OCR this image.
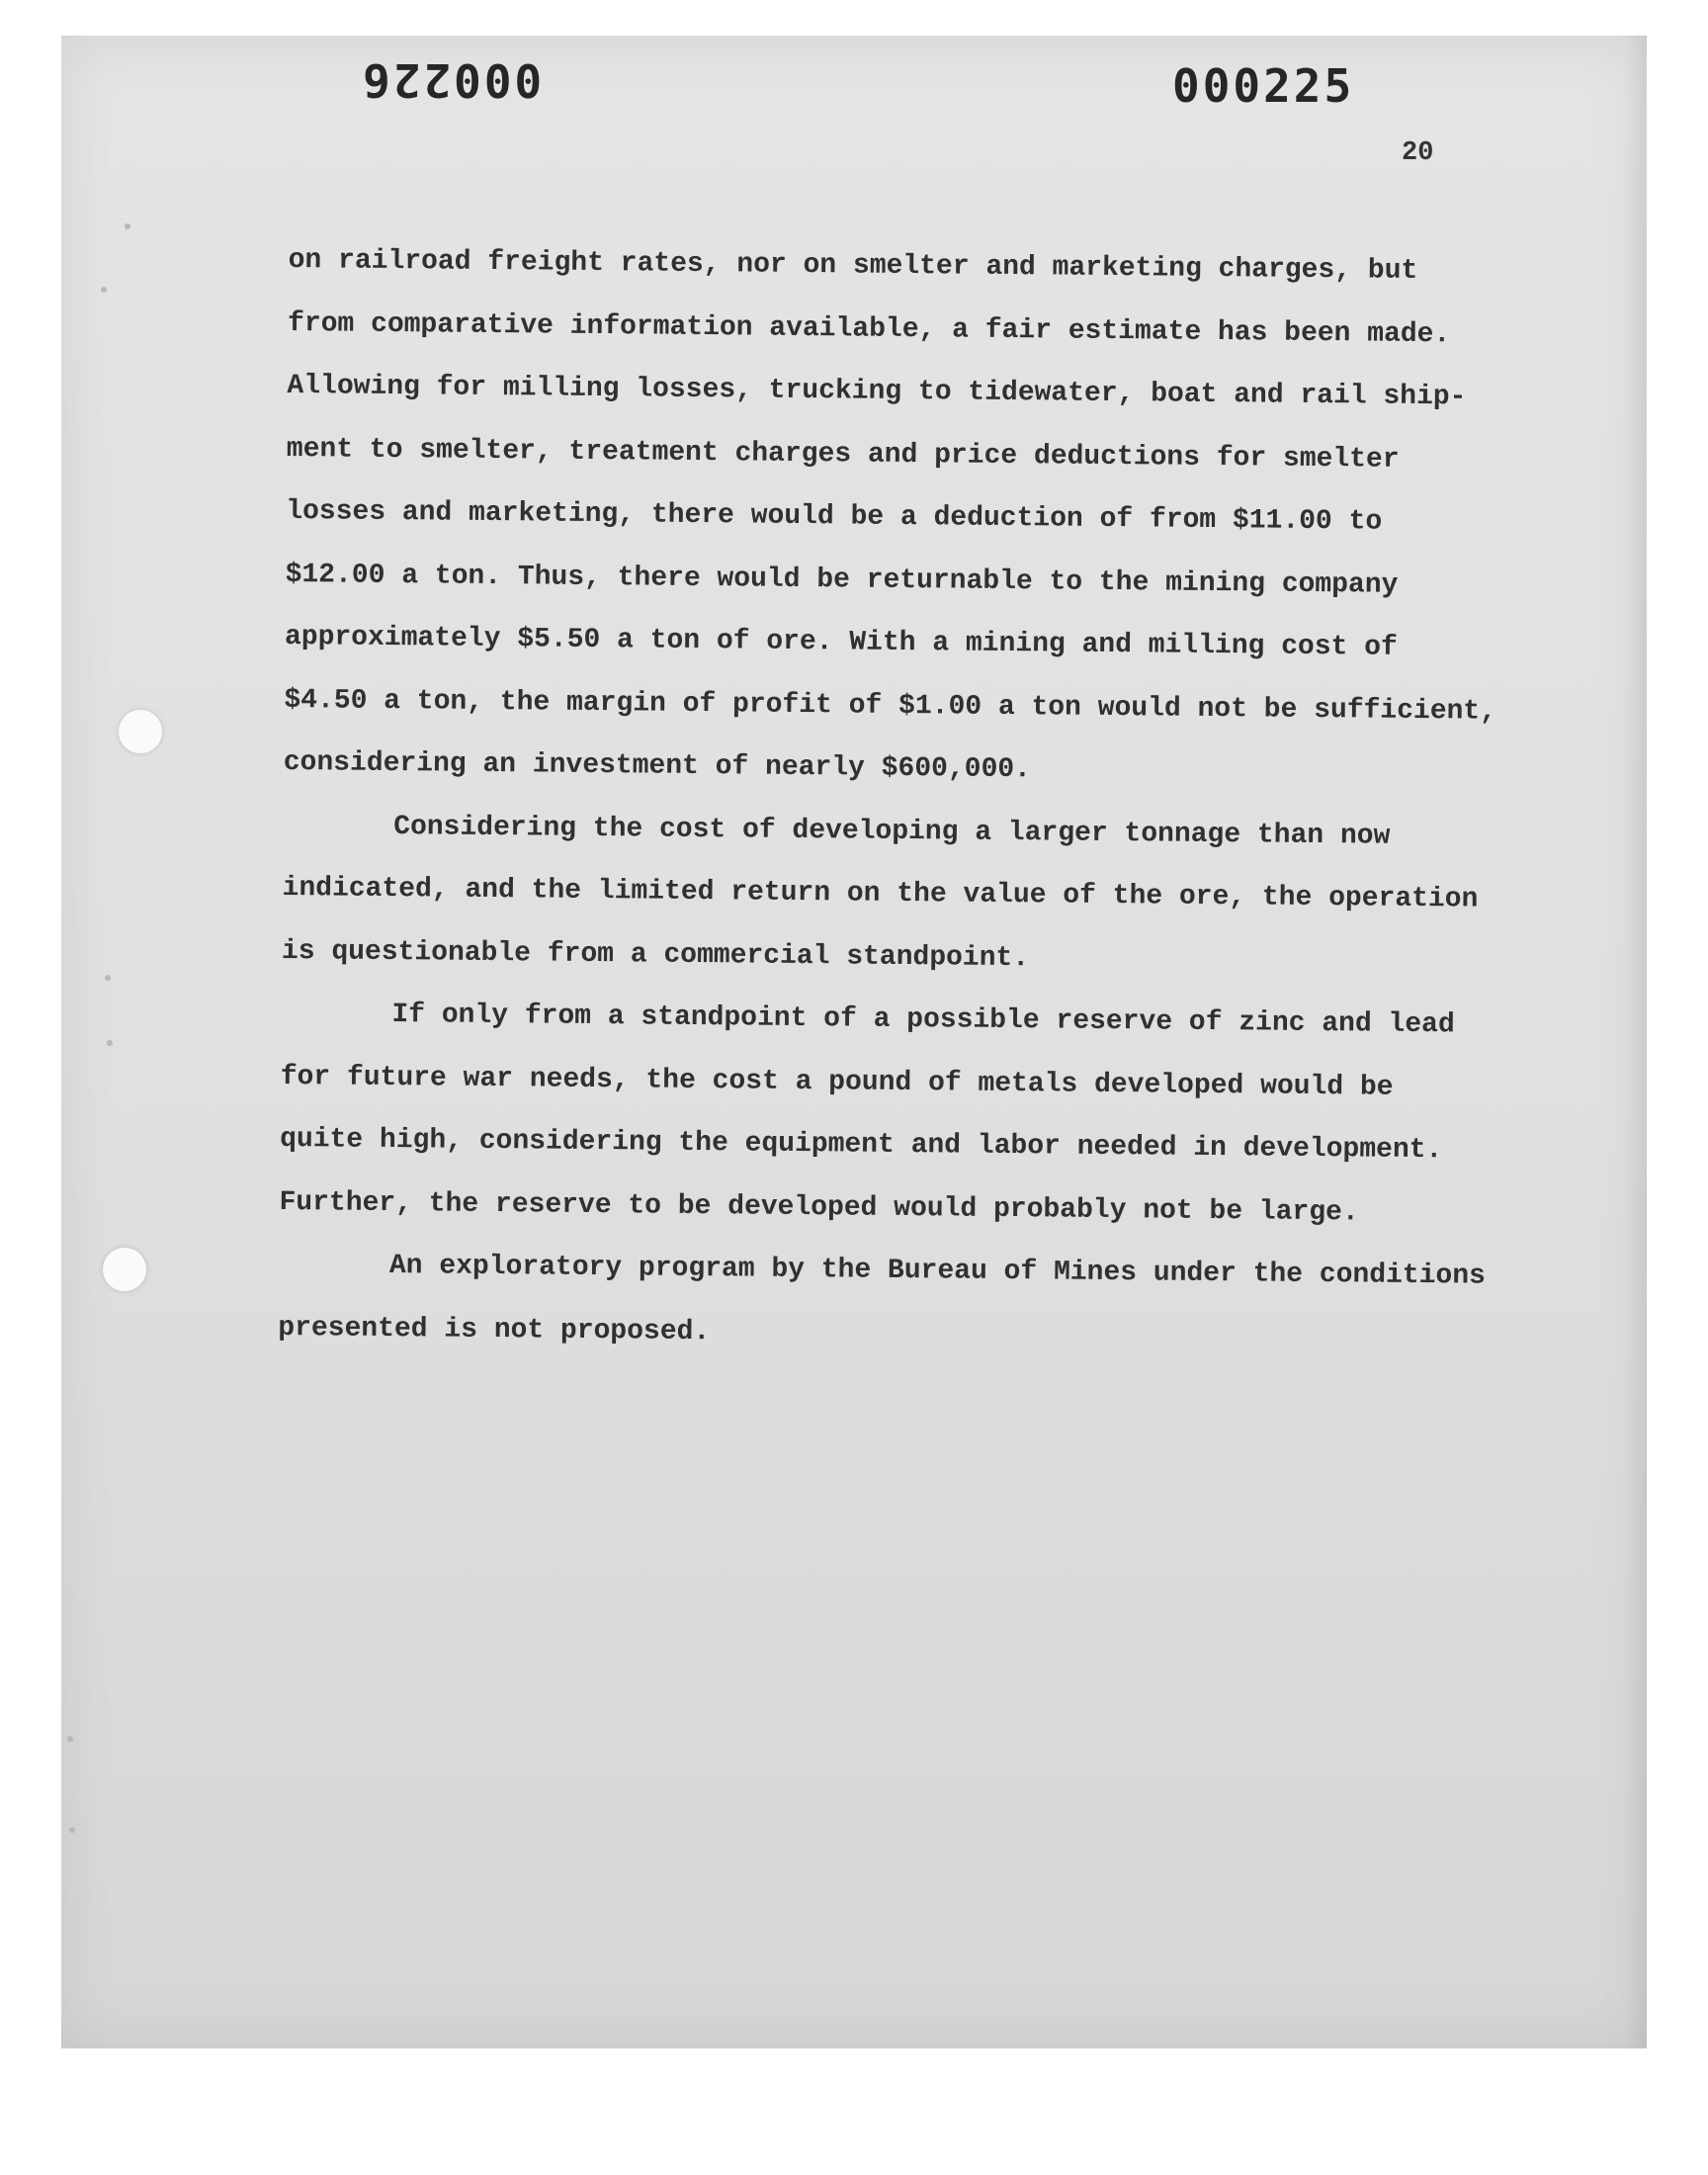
000226	000225
20

on railroad freight rates, nor on smelter and marketing charges, but

from comparative information available, a fair estimate has been made.

Allowing for milling losses, trucking to tidewater, boat and rail ship-

ment to smelter, treatment charges and price deductions for smelter

losses and marketing, there would be a deduction of from $11.00 to

$12.00 a ton. Thus, there would be returnable to the mining company

approximately $5.50 a ton of ore. With a mining and milling cost of

$4.50 a ton, the margin of profit of $1.00 a ton would not be sufficient,

considering an investment of nearly $600,000.

Considering the cost of developing a larger tonnage than now

indicated, and the limited return on the value of the ore, the operation

is questionable from a commercial standpoint.

If only from a standpoint of a possible reserve of zinc and lead

for future war needs, the cost a pound of metals developed would be

quite high, considering the equipment and labor needed in development.

Further, the reserve to be developed would probably not be large.

An exploratory program by the Bureau of Mines under the conditions

presented is not proposed.
